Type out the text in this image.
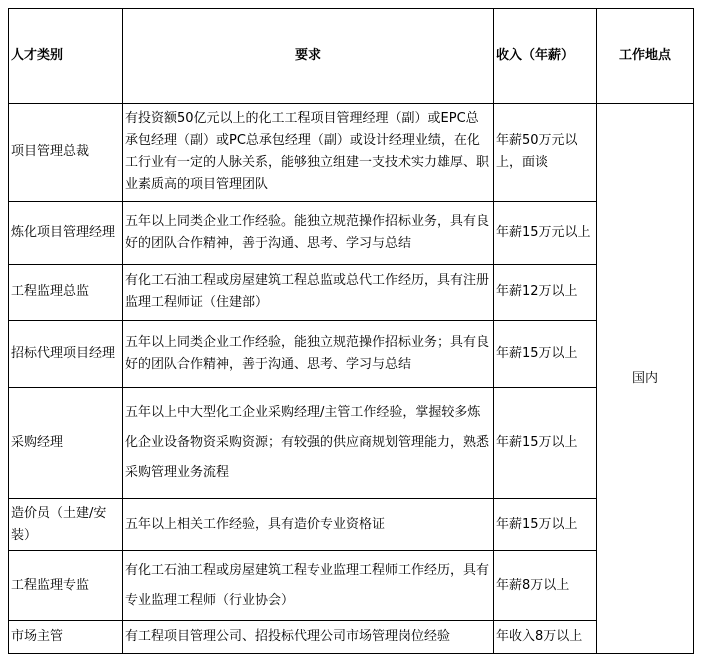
人才类别	要求	收入（年薪）	工作地点
项目管理总裁	有投资额50亿元以上的化工工程项目管理经理（副）或EPC总承包经理（副）或PC总承包经理（副）或设计经理业绩，在化工行业有一定的人脉关系，能够独立组建一支技术实力雄厚、职业素质高的项目管理团队	年薪50万元以上，面谈	国内
炼化项目管理经理	五年以上同类企业工作经验。能独立规范操作招标业务，具有良好的团队合作精神，善于沟通、思考、学习与总结	年薪15万元以上	
工程监理总监	有化工石油工程或房屋建筑工程总监或总代工作经历，具有注册监理工程师证（住建部）	年薪12万以上	
招标代理项目经理	五年以上同类企业工作经验，能独立规范操作招标业务；具有良好的团队合作精神，善于沟通、思考、学习与总结	年薪15万以上	
采购经理	五年以上中大型化工企业采购经理/主管工作经验，掌握较多炼化企业设备物资采购资源；有较强的供应商规划管理能力，熟悉采购管理业务流程	年薪15万以上	
造价员（土建/安装）	五年以上相关工作经验，具有造价专业资格证	年薪15万以上	
工程监理专监	有化工石油工程或房屋建筑工程专业监理工程师工作经历，具有专业监理工程师（行业协会）	年薪8万以上	
市场主管	有工程项目管理公司、招投标代理公司市场管理岗位经验	年收入8万以上	
